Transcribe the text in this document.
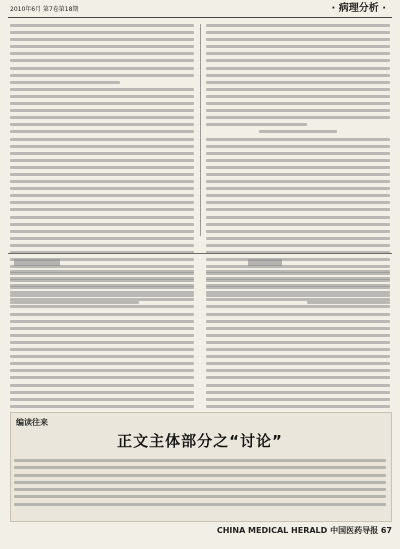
2010年6月 第7卷第18期	· 病理分析 ·
编读往来
正文主体部分之“讨论”
CHINA MEDICAL HERALD 中国医药导报 67
